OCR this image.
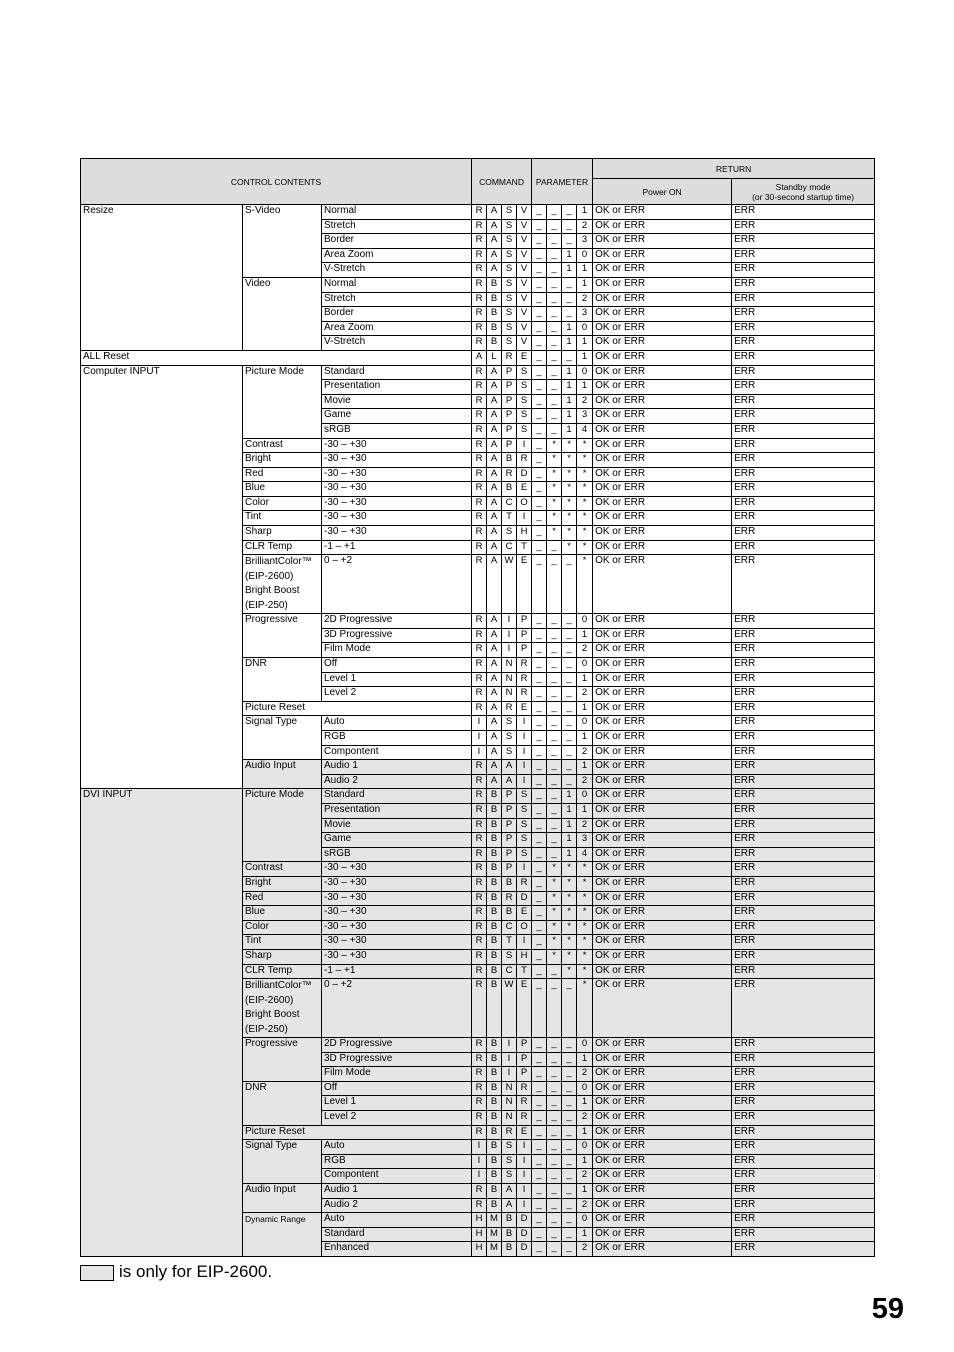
CONTROL CONTENTS			COMMAND				PARAMETER				RETURN	
											Power ON	Standby mode
(or 30-second startup time)
Resize	S-Video	Normal	R	A	S	V	_	_	_	1	OK or ERR	ERR
		Stretch	R	A	S	V	_	_	_	2	OK or ERR	ERR
		Border	R	A	S	V	_	_	_	3	OK or ERR	ERR
		Area Zoom	R	A	S	V	_	_	1	0	OK or ERR	ERR
		V-Stretch	R	A	S	V	_	_	1	1	OK or ERR	ERR

	Video	Normal	R	B	S	V	_	_	_	1	OK or ERR	ERR
		Stretch	R	B	S	V	_	_	_	2	OK or ERR	ERR
		Border	R	B	S	V	_	_	_	3	OK or ERR	ERR
		Area Zoom	R	B	S	V	_	_	1	0	OK or ERR	ERR
		V-Stretch	R	B	S	V	_	_	1	1	OK or ERR	ERR
ALL Reset			A	L	R	E	_	_	_	1	OK or ERR	ERR
Computer INPUT	Picture Mode	Standard	R	A	P	S	_	_	1	0	OK or ERR	ERR
		Presentation	R	A	P	S	_	_	1	1	OK or ERR	ERR
		Movie	R	A	P	S	_	_	1	2	OK or ERR	ERR
		Game	R	A	P	S	_	_	1	3	OK or ERR	ERR
		sRGB	R	A	P	S	_	_	1	4	OK or ERR	ERR

	Contrast	-30 – +30	R	A	P	I	_	*	*	*	OK or ERR	ERR

	Bright	-30 – +30	R	A	B	R	_	*	*	*	OK or ERR	ERR

	Red	-30 – +30	R	A	R	D	_	*	*	*	OK or ERR	ERR

	Blue	-30 – +30	R	A	B	E	_	*	*	*	OK or ERR	ERR

	Color	-30 – +30	R	A	C	O	_	*	*	*	OK or ERR	ERR

	Tint	-30 – +30	R	A	T	I	_	*	*	*	OK or ERR	ERR

	Sharp	-30 – +30	R	A	S	H	_	*	*	*	OK or ERR	ERR

	CLR Temp	-1 – +1	R	A	C	T	_	_	*	*	OK or ERR	ERR

	BrilliantColor™
(EIP-2600)
Bright Boost
(EIP-250)	0 – +2	R	A	W	E	_	_	_	*	OK or ERR	ERR

	Progressive	2D Progressive	R	A	I	P	_	_	_	0	OK or ERR	ERR
		3D Progressive	R	A	I	P	_	_	_	1	OK or ERR	ERR
		Film Mode	R	A	I	P	_	_	_	2	OK or ERR	ERR

	DNR	Off	R	A	N	R	_	_	_	0	OK or ERR	ERR
		Level 1	R	A	N	R	_	_	_	1	OK or ERR	ERR
		Level 2	R	A	N	R	_	_	_	2	OK or ERR	ERR

	Picture Reset		R	A	R	E	_	_	_	1	OK or ERR	ERR

	Signal Type	Auto	I	A	S	I	_	_	_	0	OK or ERR	ERR
		RGB	I	A	S	I	_	_	_	1	OK or ERR	ERR
		Compontent	I	A	S	I	_	_	_	2	OK or ERR	ERR

	Audio Input	Audio 1	R	A	A	I	_	_	_	1	OK or ERR	ERR
		Audio 2	R	A	A	I	_	_	_	2	OK or ERR	ERR
DVI INPUT	Picture Mode	Standard	R	B	P	S	_	_	1	0	OK or ERR	ERR
		Presentation	R	B	P	S	_	_	1	1	OK or ERR	ERR
		Movie	R	B	P	S	_	_	1	2	OK or ERR	ERR
		Game	R	B	P	S	_	_	1	3	OK or ERR	ERR
		sRGB	R	B	P	S	_	_	1	4	OK or ERR	ERR

	Contrast	-30 – +30	R	B	P	I	_	*	*	*	OK or ERR	ERR

	Bright	-30 – +30	R	B	B	R	_	*	*	*	OK or ERR	ERR

	Red	-30 – +30	R	B	R	D	_	*	*	*	OK or ERR	ERR

	Blue	-30 – +30	R	B	B	E	_	*	*	*	OK or ERR	ERR

	Color	-30 – +30	R	B	C	O	_	*	*	*	OK or ERR	ERR

	Tint	-30 – +30	R	B	T	I	_	*	*	*	OK or ERR	ERR

	Sharp	-30 – +30	R	B	S	H	_	*	*	*	OK or ERR	ERR

	CLR Temp	-1 – +1	R	B	C	T	_	_	*	*	OK or ERR	ERR

	BrilliantColor™
(EIP-2600)
Bright Boost
(EIP-250)	0 – +2	R	B	W	E	_	_	_	*	OK or ERR	ERR

	Progressive	2D Progressive	R	B	I	P	_	_	_	0	OK or ERR	ERR
		3D Progressive	R	B	I	P	_	_	_	1	OK or ERR	ERR
		Film Mode	R	B	I	P	_	_	_	2	OK or ERR	ERR

	DNR	Off	R	B	N	R	_	_	_	0	OK or ERR	ERR
		Level 1	R	B	N	R	_	_	_	1	OK or ERR	ERR
		Level 2	R	B	N	R	_	_	_	2	OK or ERR	ERR

	Picture Reset		R	B	R	E	_	_	_	1	OK or ERR	ERR

	Signal Type	Auto	I	B	S	I	_	_	_	0	OK or ERR	ERR
		RGB	I	B	S	I	_	_	_	1	OK or ERR	ERR
		Compontent	I	B	S	I	_	_	_	2	OK or ERR	ERR

	Audio Input	Audio 1	R	B	A	I	_	_	_	1	OK or ERR	ERR
		Audio 2	R	B	A	I	_	_	_	2	OK or ERR	ERR

	Dynamic Range	Auto	H	M	B	D	_	_	_	0	OK or ERR	ERR
		Standard	H	M	B	D	_	_	_	1	OK or ERR	ERR
		Enhanced	H	M	B	D	_	_	_	2	OK or ERR	ERR
is only for EIP-2600.
59
